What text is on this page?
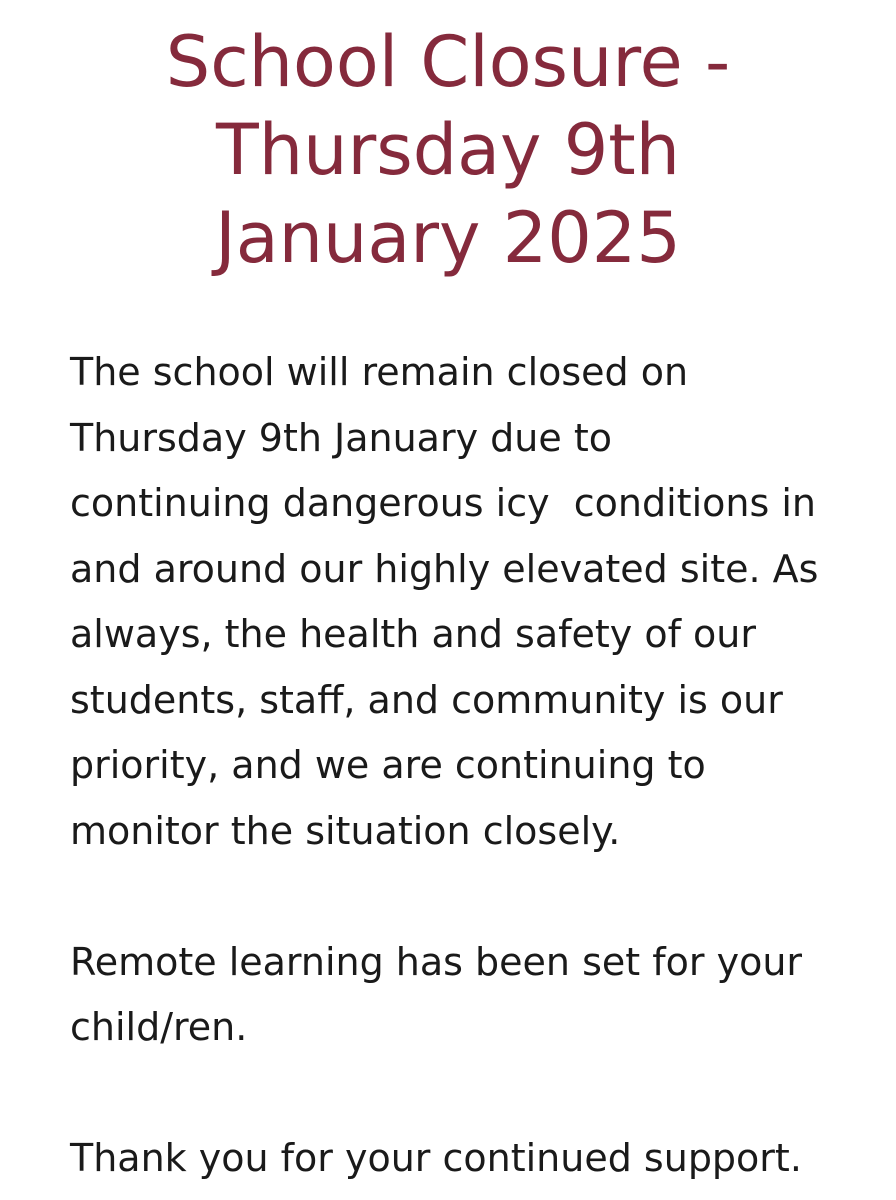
School Closure -
Thursday 9th
January 2025

The school will remain closed on
Thursday 9th January due to
continuing dangerous icy  conditions in
and around our highly elevated site. As
always, the health and safety of our
students, staff, and community is our
priority, and we are continuing to
monitor the situation closely.

Remote learning has been set for your
child/ren.

Thank you for your continued support.
